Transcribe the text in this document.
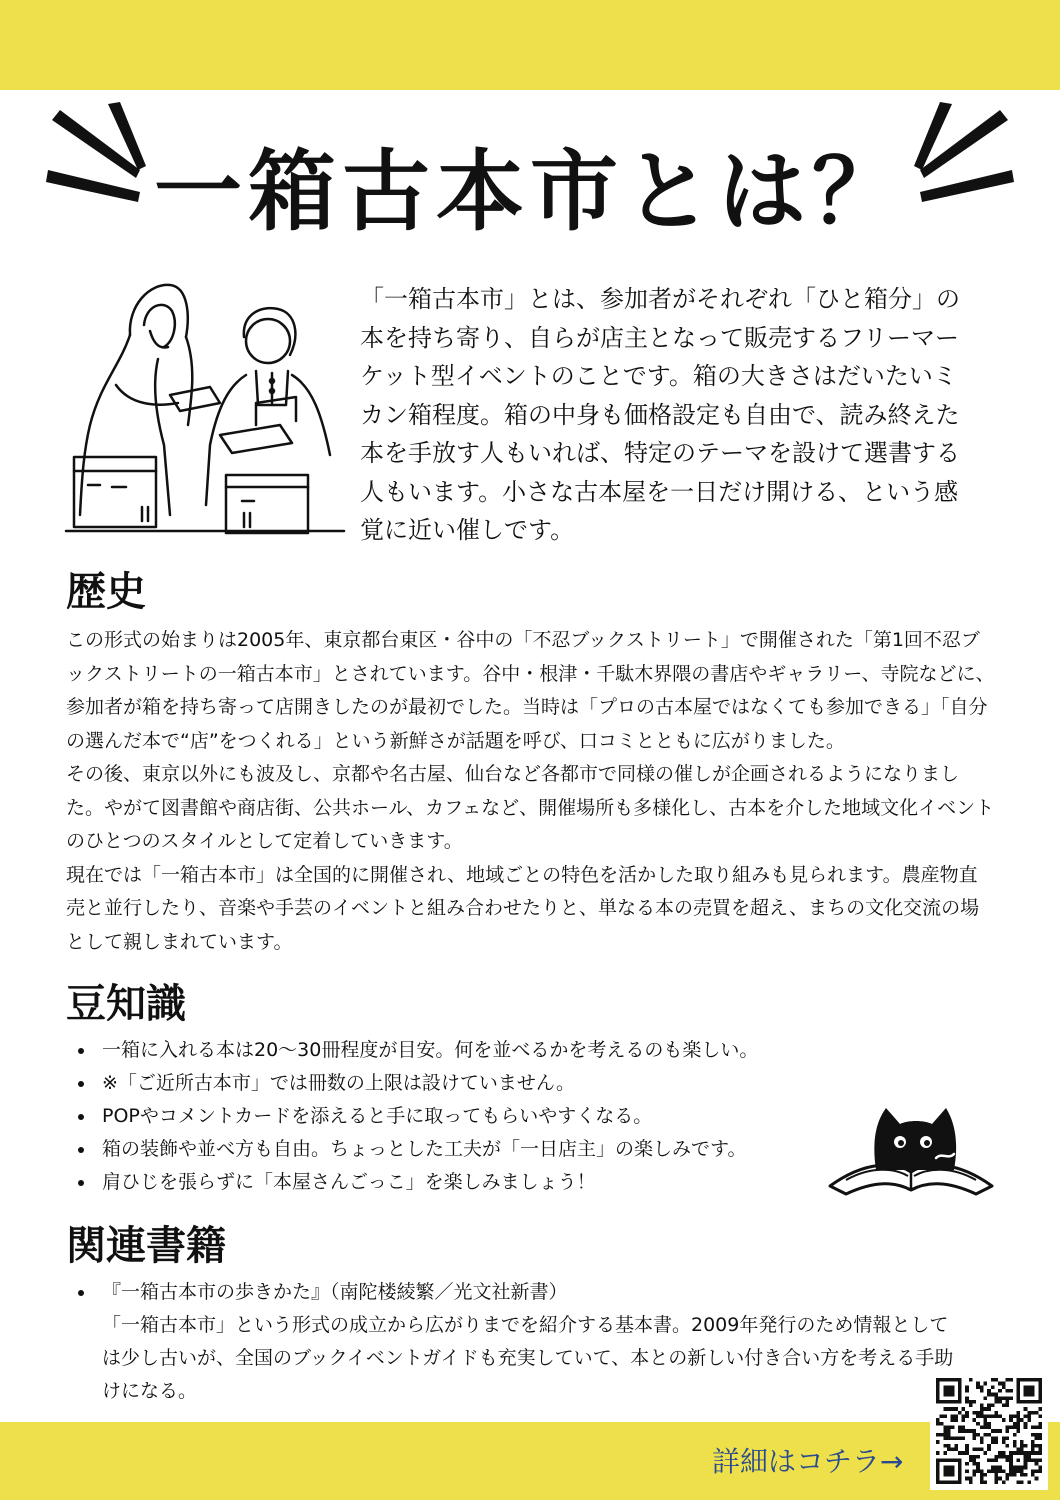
一箱古本市とは？
「一箱古本市」とは、参加者がそれぞれ「ひと箱分」の本を持ち寄り、自らが店主となって販売するフリーマーケット型イベントのことです。箱の大きさはだいたいミカン箱程度。箱の中身も価格設定も自由で、読み終えた本を手放す人もいれば、特定のテーマを設けて選書する人もいます。小さな古本屋を一日だけ開ける、という感覚に近い催しです。
歴史

この形式の始まりは2005年、東京都台東区・谷中の「不忍ブックストリート」で開催された「第1回不忍ブックストリートの一箱古本市」とされています。谷中・根津・千駄木界隈の書店やギャラリー、寺院などに、参加者が箱を持ち寄って店開きしたのが最初でした。当時は「プロの古本屋ではなくても参加できる」「自分の選んだ本で“店”をつくれる」という新鮮さが話題を呼び、口コミとともに広がりました。

その後、東京以外にも波及し、京都や名古屋、仙台など各都市で同様の催しが企画されるようになりました。やがて図書館や商店街、公共ホール、カフェなど、開催場所も多様化し、古本を介した地域文化イベントのひとつのスタイルとして定着していきます。

現在では「一箱古本市」は全国的に開催され、地域ごとの特色を活かした取り組みも見られます。農産物直売と並行したり、音楽や手芸のイベントと組み合わせたりと、単なる本の売買を超え、まちの文化交流の場として親しまれています。

豆知識
一箱に入れる本は20〜30冊程度が目安。何を並べるかを考えるのも楽しい。
※「ご近所古本市」では冊数の上限は設けていません。
POPやコメントカードを添えると手に取ってもらいやすくなる。
箱の装飾や並べ方も自由。ちょっとした工夫が「一日店主」の楽しみです。
肩ひじを張らずに「本屋さんごっこ」を楽しみましょう！
関連書籍
『一箱古本市の歩きかた』（南陀楼綾繁／光文社新書）
「一箱古本市」という形式の成立から広がりまでを紹介する基本書。2009年発行のため情報としては少し古いが、全国のブックイベントガイドも充実していて、本との新しい付き合い方を考える手助けになる。
詳細はコチラ→
